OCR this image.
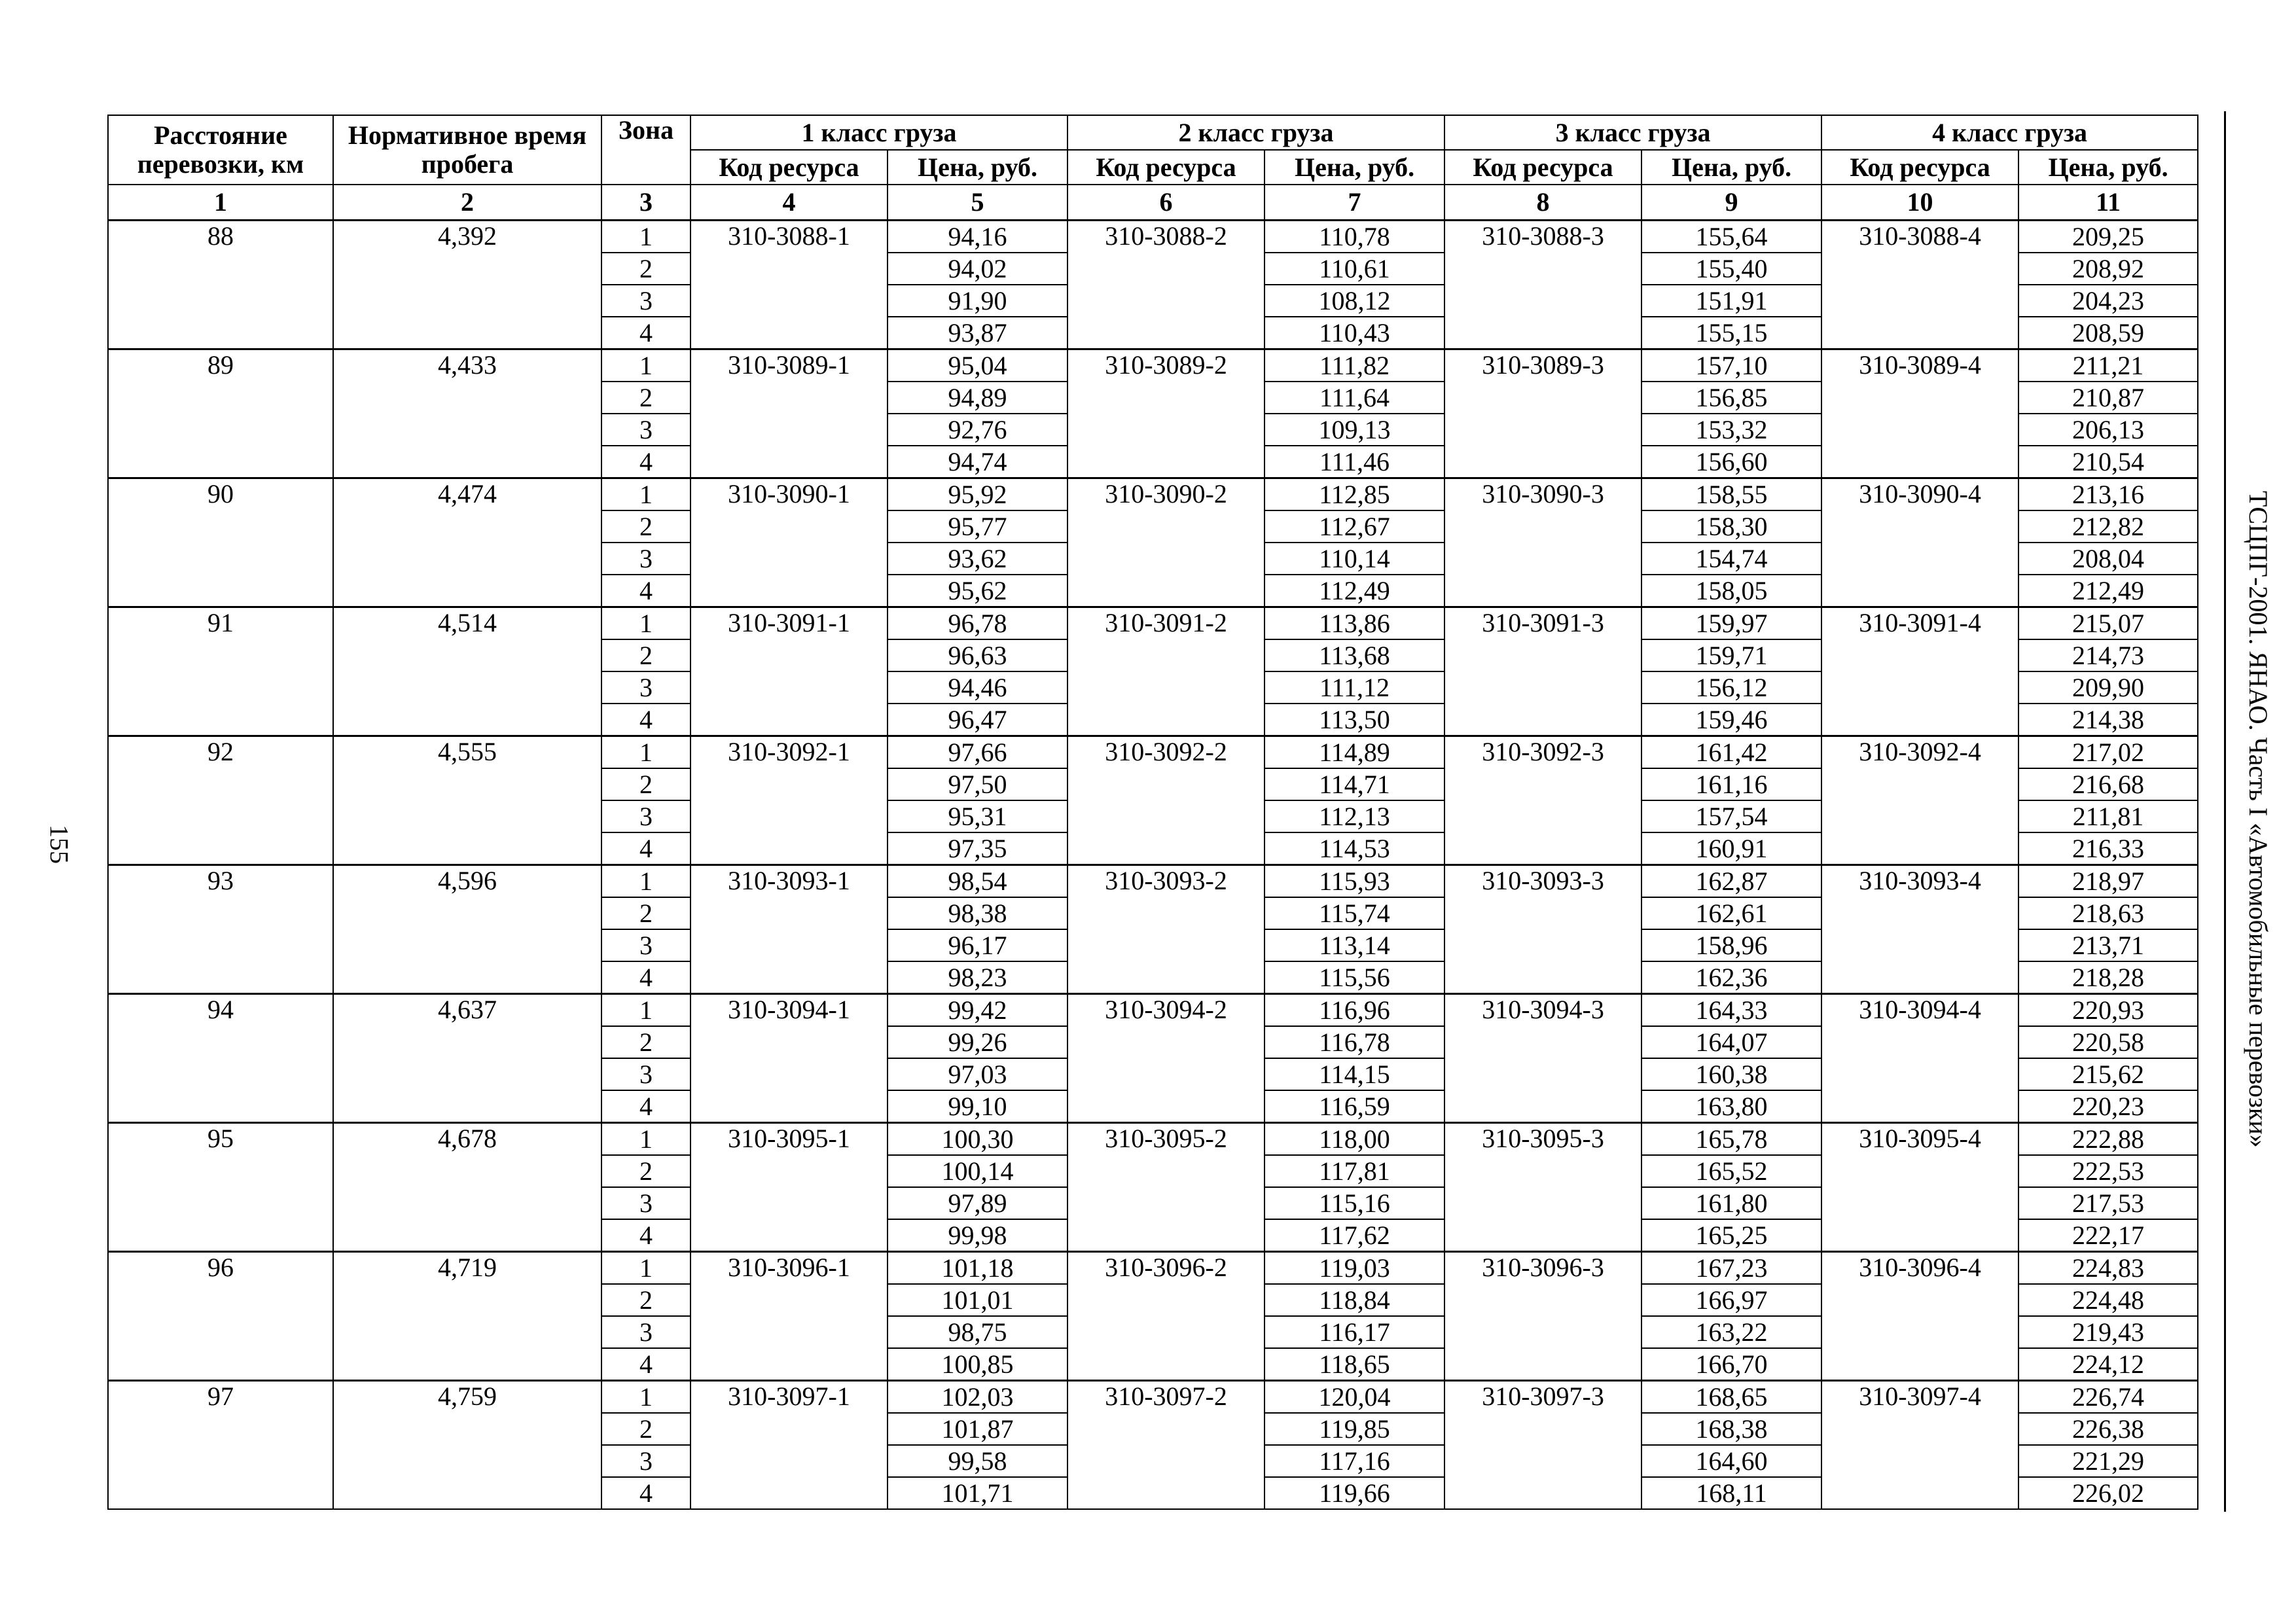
155
Расстояние перевозки, км	Нормативное время пробега	Зона	1 класс груза		2 класс груза		3 класс груза		4 класс груза	
			Код ресурса	Цена, руб.	Код ресурса	Цена, руб.	Код ресурса	Цена, руб.	Код ресурса	Цена, руб.
1	2	3	4	5	6	7	8	9	10	11
88	4,392	1	310-3088-1	94,16	310-3088-2	110,78	310-3088-3	155,64	310-3088-4	209,25
		2		94,02		110,61		155,40		208,92
		3		91,90		108,12		151,91		204,23
		4		93,87		110,43		155,15		208,59
89	4,433	1	310-3089-1	95,04	310-3089-2	111,82	310-3089-3	157,10	310-3089-4	211,21
		2		94,89		111,64		156,85		210,87
		3		92,76		109,13		153,32		206,13
		4		94,74		111,46		156,60		210,54
90	4,474	1	310-3090-1	95,92	310-3090-2	112,85	310-3090-3	158,55	310-3090-4	213,16
		2		95,77		112,67		158,30		212,82
		3		93,62		110,14		154,74		208,04
		4		95,62		112,49		158,05		212,49
91	4,514	1	310-3091-1	96,78	310-3091-2	113,86	310-3091-3	159,97	310-3091-4	215,07
		2		96,63		113,68		159,71		214,73
		3		94,46		111,12		156,12		209,90
		4		96,47		113,50		159,46		214,38
92	4,555	1	310-3092-1	97,66	310-3092-2	114,89	310-3092-3	161,42	310-3092-4	217,02
		2		97,50		114,71		161,16		216,68
		3		95,31		112,13		157,54		211,81
		4		97,35		114,53		160,91		216,33
93	4,596	1	310-3093-1	98,54	310-3093-2	115,93	310-3093-3	162,87	310-3093-4	218,97
		2		98,38		115,74		162,61		218,63
		3		96,17		113,14		158,96		213,71
		4		98,23		115,56		162,36		218,28
94	4,637	1	310-3094-1	99,42	310-3094-2	116,96	310-3094-3	164,33	310-3094-4	220,93
		2		99,26		116,78		164,07		220,58
		3		97,03		114,15		160,38		215,62
		4		99,10		116,59		163,80		220,23
95	4,678	1	310-3095-1	100,30	310-3095-2	118,00	310-3095-3	165,78	310-3095-4	222,88
		2		100,14		117,81		165,52		222,53
		3		97,89		115,16		161,80		217,53
		4		99,98		117,62		165,25		222,17
96	4,719	1	310-3096-1	101,18	310-3096-2	119,03	310-3096-3	167,23	310-3096-4	224,83
		2		101,01		118,84		166,97		224,48
		3		98,75		116,17		163,22		219,43
		4		100,85		118,65		166,70		224,12
97	4,759	1	310-3097-1	102,03	310-3097-2	120,04	310-3097-3	168,65	310-3097-4	226,74
		2		101,87		119,85		168,38		226,38
		3		99,58		117,16		164,60		221,29
		4		101,71		119,66		168,11		226,02
ТСЦПГ-2001. ЯНАО. Часть I «Автомобильные перевозки»
